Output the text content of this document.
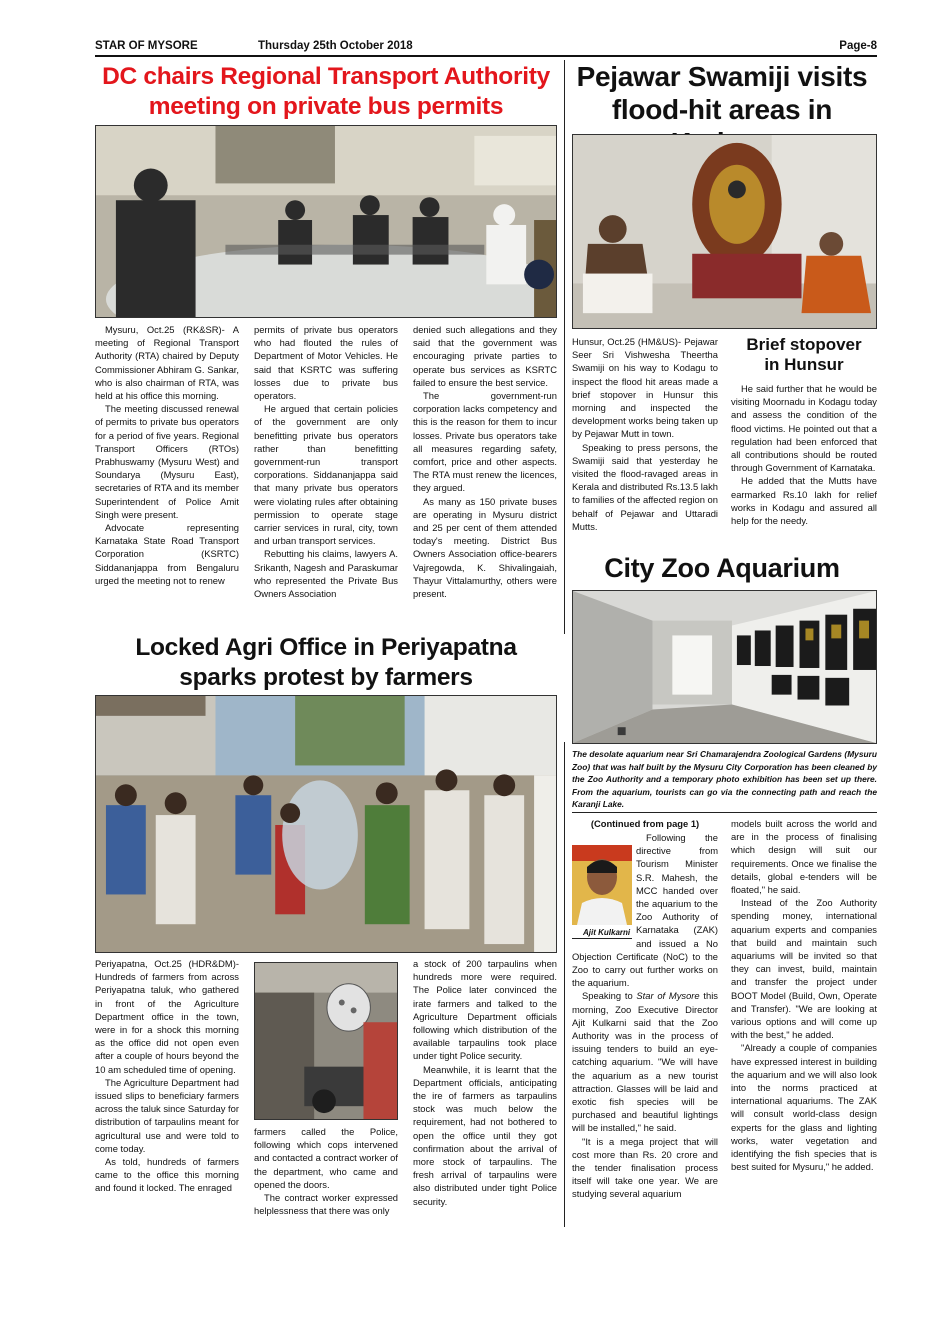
STAR OF MYSORE	Thursday 25th October 2018	Page-8
DC chairs Regional Transport Authority
meeting on private bus permits

Mysuru, Oct.25 (RK&SR)- A meeting of Regional Transport Authority (RTA) chaired by Deputy Commissioner Abhiram G. Sankar, who is also chairman of RTA, was held at his office this morning.

The meeting discussed renewal of permits to private bus operators for a period of five years. Regional Transport Officers (RTOs) Prabhuswamy (Mysuru West) and Soundarya (Mysuru East), secretaries of RTA and its member Superintendent of Police Amit Singh were present.

Advocate representing Karnataka State Road Transport Corporation (KSRTC) Siddananjappa from Bengaluru urged the meeting not to renew

permits of private bus operators who had flouted the rules of Department of Motor Vehicles. He said that KSRTC was suffering losses due to private bus operators.

He argued that certain policies of the government are only benefitting private bus operators rather than benefitting government-run transport corporations. Siddananjappa said that many private bus operators were violating rules after obtaining permission to operate stage carrier services in rural, city, town and urban transport services.

Rebutting his claims, lawyers A. Srikanth, Nagesh and Paraskumar who represented the Private Bus Owners Association

denied such allegations and they said that the government was encouraging private parties to operate bus services as KSRTC failed to ensure the best service.

The government-run corporation lacks competency and this is the reason for them to incur losses. Private bus operators take all measures regarding safety, comfort, price and other aspects. The RTA must renew the licences, they argued.

As many as 150 private buses are operating in Mysuru district and 25 per cent of them attended today's meeting. District Bus Owners Association office-bearers Vajregowda, K. Shivalingaiah, Thayur Vittalamurthy, others were present.

Pejawar Swamiji visits
flood-hit areas in

Hunsur, Oct.25 (HM&US)- Pejawar Seer Sri Vishwesha Theertha Swamiji on his way to Kodagu to inspect the flood hit areas made a brief stopover in Hunsur this morning and inspected the development works being taken up by Pejawar Mutt in town.

Speaking to press persons, the Swamiji said that yesterday he visited the flood-ravaged areas in Kerala and distributed Rs.13.5 lakh to families of the affected region on behalf of Pejawar and Uttaradi Mutts.

Brief stopover
in Hunsur

He said further that he would be visiting Moornadu in Kodagu today and assess the condition of the flood victims. He pointed out that a regulation had been enforced that all contributions should be routed through Government of Karnataka.

He added that the Mutts have earmarked Rs.10 lakh for relief works in Kodagu and assured all help for the needy.

City Zoo Aquarium
The desolate aquarium near Sri Chamarajendra Zoological Gardens (Mysuru Zoo) that was half built by the Mysuru City Corporation has been cleaned by the Zoo Authority and a temporary photo exhibition has been set up there. From the aquarium, tourists can go via the connecting path and reach the Karanji Lake.
(Continued from page 1)
Ajit Kulkarni

Following the directive from Tourism Minister S.R. Mahesh, the MCC handed over the aquarium to the Zoo Authority of Karnataka (ZAK) and issued a No Objection Certificate (NoC) to the Zoo to carry out further works on the aquarium.

Speaking to Star of Mysore this morning, Zoo Executive Director Ajit Kulkarni said that the Zoo Authority was in the process of issuing tenders to build an eye-catching aquarium. "We will have the aquarium as a new tourist attraction. Glasses will be laid and exotic fish species will be purchased and beautiful lightings will be installed," he said.

"It is a mega project that will cost more than Rs. 20 crore and the tender finalisation process itself will take one year. We are studying several aquarium

models built across the world and are in the process of finalising which design will suit our requirements. Once we finalise the details, global e-tenders will be floated," he said.

Instead of the Zoo Authority spending money, international aquarium experts and companies that build and maintain such aquariums will be invited so that they can invest, build, maintain and transfer the project under BOOT Model (Build, Own, Operate and Transfer). "We are looking at various options and will come up with the best," he added.

"Already a couple of companies have expressed interest in building the aquarium and we will also look into the norms practiced at international aquariums. The ZAK will consult world-class design experts for the glass and lighting works, water vegetation and identifying the fish species that is best suited for Mysuru," he added.

Locked Agri Office in Periyapatna
sparks protest by farmers

Periyapatna, Oct.25 (HDR&DM)- Hundreds of farmers from across Periyapatna taluk, who gathered in front of the Agriculture Department office in the town, were in for a shock this morning as the office did not open even after a couple of hours beyond the 10 am scheduled time of opening.

The Agriculture Department had issued slips to beneficiary farmers across the taluk since Saturday for distribution of tarpaulins meant for agricultural use and were told to come today.

As told, hundreds of farmers came to the office this morning and found it locked. The enraged

farmers called the Police, following which cops intervened and contacted a contract worker of the department, who came and opened the doors.

The contract worker expressed helplessness that there was only

a stock of 200 tarpaulins when hundreds more were required. The Police later convinced the irate farmers and talked to the Agriculture Department officials following which distribution of the available tarpaulins took place under tight Police security.

Meanwhile, it is learnt that the Department officials, anticipating the ire of farmers as tarpaulins stock was much below the requirement, had not bothered to open the office until they got confirmation about the arrival of more stock of tarpaulins. The fresh arrival of tarpaulins were also distributed under tight Police security.
